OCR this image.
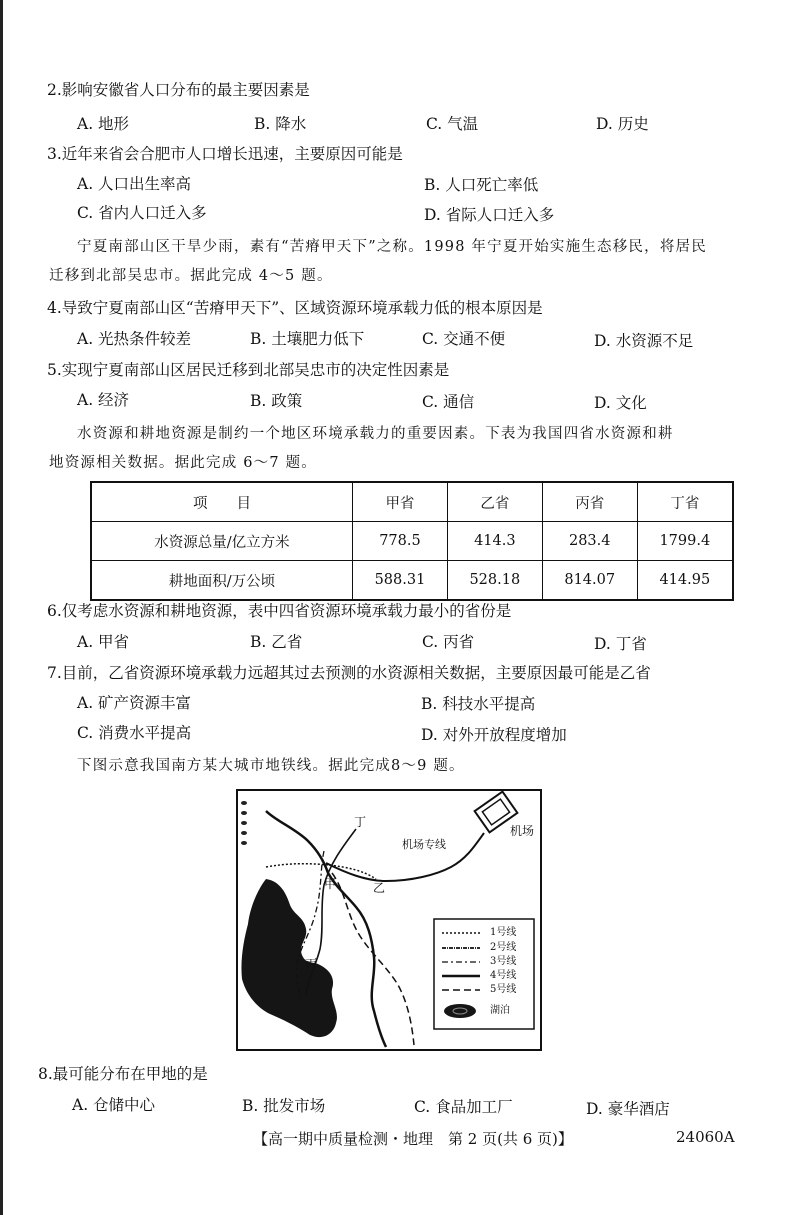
2.影响安徽省人口分布的最主要因素是
A. 地形	B. 降水	C. 气温	D. 历史
3.近年来省会合肥市人口增长迅速，主要原因可能是
A. 人口出生率高	B. 人口死亡率低
C. 省内人口迁入多	D. 省际人口迁入多
宁夏南部山区干旱少雨，素有“苦瘠甲天下”之称。1998 年宁夏开始实施生态移民，将居民
迁移到北部吴忠市。据此完成 4～5 题。
4.导致宁夏南部山区“苦瘠甲天下”、区域资源环境承载力低的根本原因是
A. 光热条件较差	B. 土壤肥力低下	C. 交通不便	D. 水资源不足
5.实现宁夏南部山区居民迁移到北部吴忠市的决定性因素是
A. 经济	B. 政策	C. 通信	D. 文化
水资源和耕地资源是制约一个地区环境承载力的重要因素。下表为我国四省水资源和耕
地资源相关数据。据此完成 6～7 题。
项　　目	甲省	乙省	丙省	丁省
水资源总量/亿立方米	778.5	414.3	283.4	1799.4
耕地面积/万公顷	588.31	528.18	814.07	414.95
6.仅考虑水资源和耕地资源，表中四省资源环境承载力最小的省份是
A. 甲省	B. 乙省	C. 丙省	D. 丁省
7.目前，乙省资源环境承载力远超其过去预测的水资源相关数据，主要原因最可能是乙省
A. 矿产资源丰富	B. 科技水平提高
C. 消费水平提高	D. 对外开放程度增加
下图示意我国南方某大城市地铁线。据此完成8～9 题。
丁
机场
机场专线
甲	乙
丙
1号线
2号线
3号线
4号线
5号线
湖泊
8.最可能分布在甲地的是
A. 仓储中心	B. 批发市场	C. 食品加工厂	D. 豪华酒店
【高一期中质量检测・地理　第 2 页(共 6 页)】	24060A
